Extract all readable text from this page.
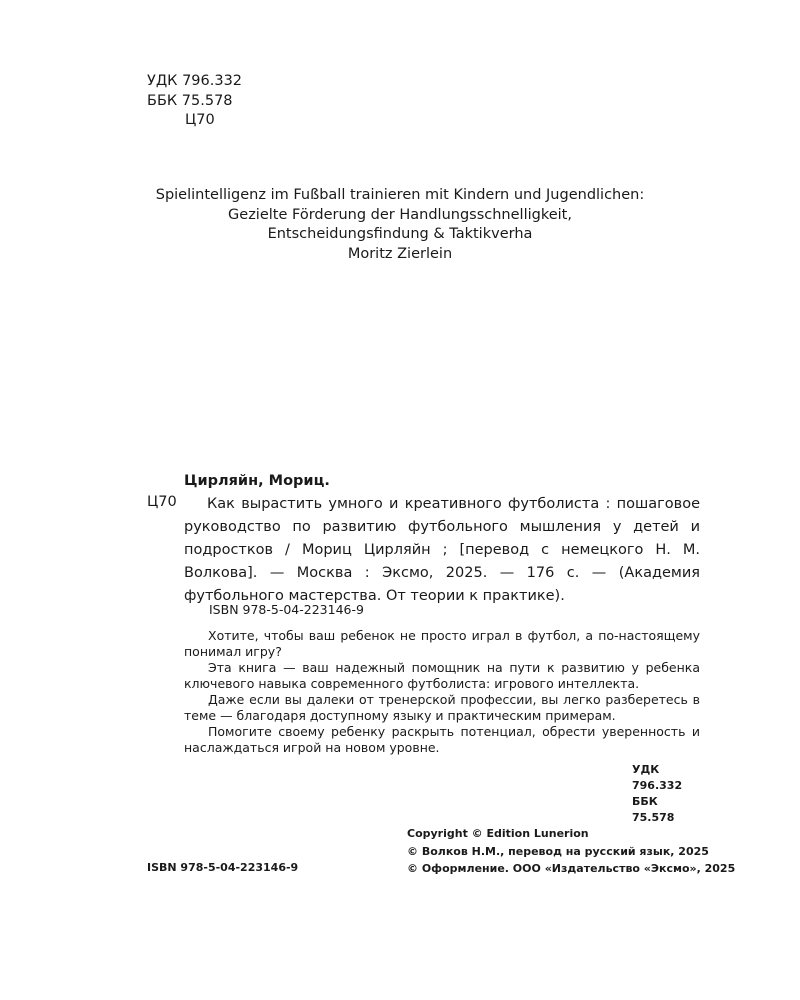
УДК 796.332
ББК 75.578
Ц70
Spielintelligenz im Fußball trainieren mit Kindern und Jugendlichen:
Gezielte Förderung der Handlungsschnelligkeit,
Entscheidungsfindung & Taktikverha
Moritz Zierlein
Цирляйн, Мориц.
Ц70	Как вырастить умного и креативного футболиста : пошаговое руководство по развитию футбольного мышления у детей и подростков / Мориц Цирляйн ; [перевод с немецкого Н. М. Волкова]. — Москва : Эксмо, 2025. — 176 с. — (Академия футбольного мастерства. От теории к практике).
ISBN 978-5-04-223146-9

Хотите, чтобы ваш ребенок не просто играл в футбол, а по-настоящему понимал игру?

Эта книга — ваш надежный помощник на пути к развитию у ребенка ключевого навыка современного футболиста: игрового интеллекта.

Даже если вы далеки от тренерской профессии, вы легко разберетесь в теме — благодаря доступному языку и практическим примерам.

Помогите своему ребенку раскрыть потенциал, обрести уверенность и наслаждаться игрой на новом уровне.

УДК 796.332
ББК 75.578
Copyright © Edition Lunerion
© Волков Н.М., перевод на русский язык, 2025
© Оформление. ООО «Издательство «Эксмо», 2025
ISBN 978-5-04-223146-9
